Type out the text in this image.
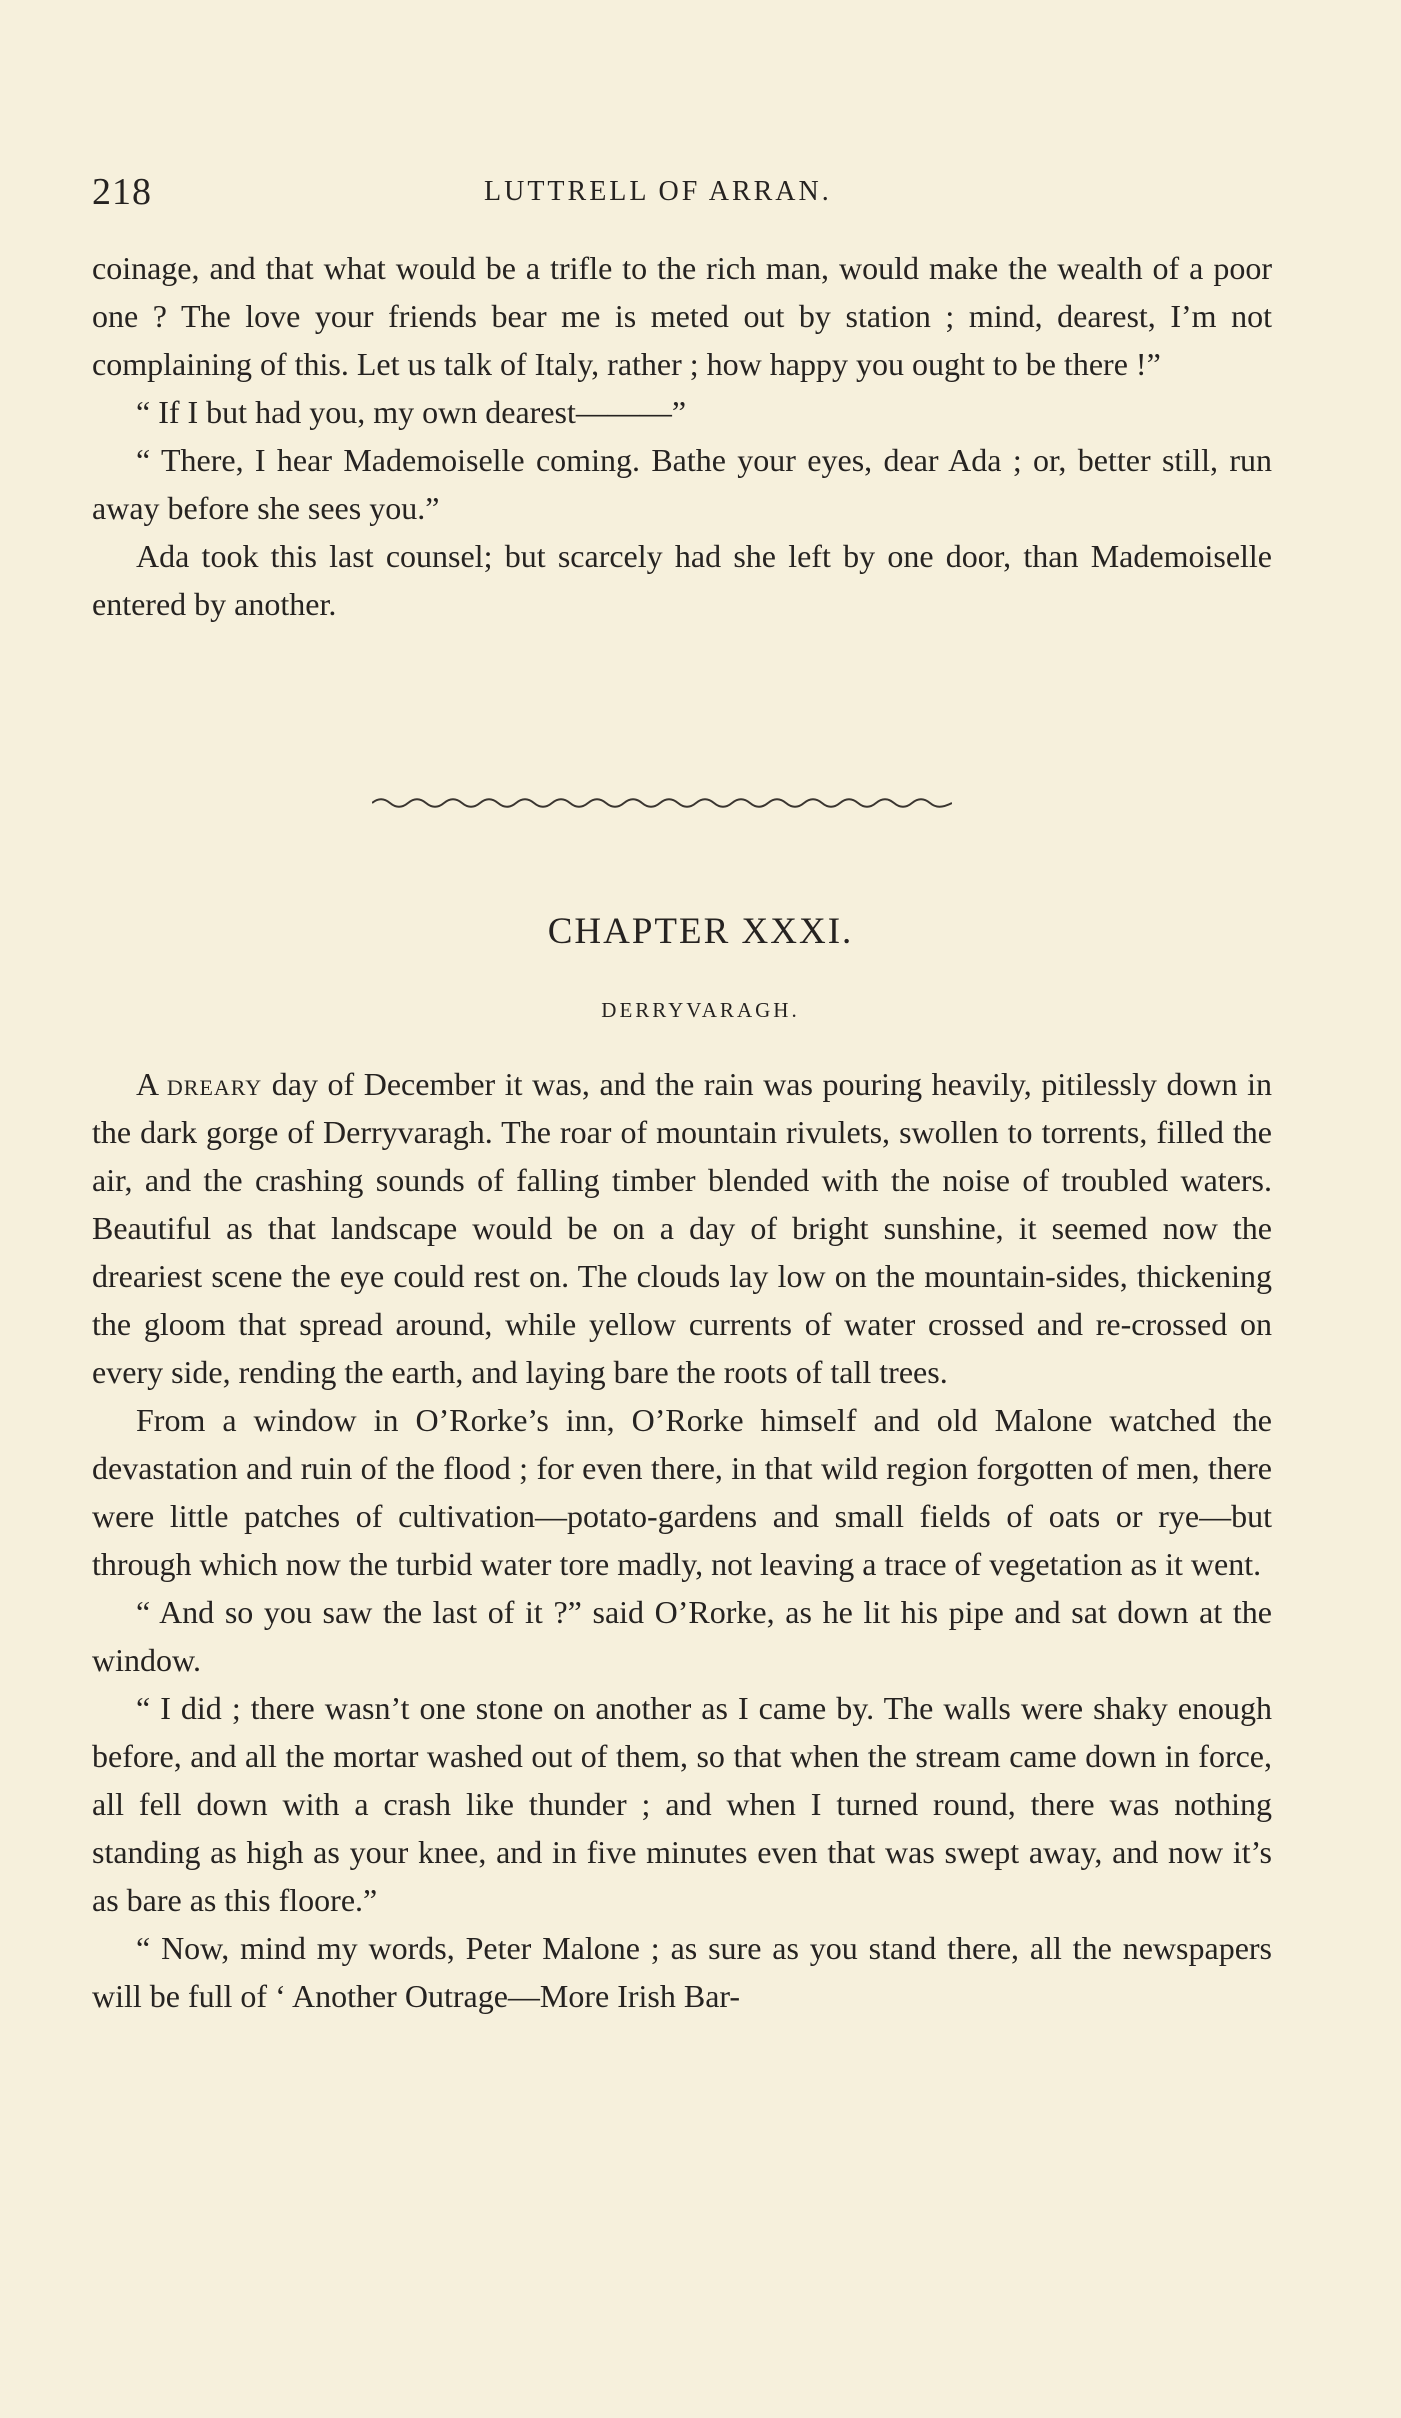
218	LUTTRELL OF ARRAN.

coinage, and that what would be a trifle to the rich man, would make the wealth of a poor one ? The love your friends bear me is meted out by station ; mind, dearest, I’m not complaining of this. Let us talk of Italy, rather ; how happy you ought to be there !”

“ If I but had you, my own dearest———”

“ There, I hear Mademoiselle coming. Bathe your eyes, dear Ada ; or, better still, run away before she sees you.”

Ada took this last counsel; but scarcely had she left by one door, than Mademoiselle entered by another.

CHAPTER XXXI.
DERRYVARAGH.

A dreary day of December it was, and the rain was pouring heavily, pitilessly down in the dark gorge of Derryvaragh. The roar of mountain rivulets, swollen to torrents, filled the air, and the crashing sounds of falling timber blended with the noise of troubled waters. Beautiful as that landscape would be on a day of bright sunshine, it seemed now the dreariest scene the eye could rest on. The clouds lay low on the mountain-sides, thickening the gloom that spread around, while yellow currents of water crossed and re-crossed on every side, rending the earth, and laying bare the roots of tall trees.

From a window in O’Rorke’s inn, O’Rorke himself and old Malone watched the devastation and ruin of the flood ; for even there, in that wild region forgotten of men, there were little patches of cultivation—potato-gardens and small fields of oats or rye—but through which now the turbid water tore madly, not leaving a trace of vegetation as it went.

“ And so you saw the last of it ?” said O’Rorke, as he lit his pipe and sat down at the window.

“ I did ; there wasn’t one stone on another as I came by. The walls were shaky enough before, and all the mortar washed out of them, so that when the stream came down in force, all fell down with a crash like thunder ; and when I turned round, there was nothing standing as high as your knee, and in five minutes even that was swept away, and now it’s as bare as this floore.”

“ Now, mind my words, Peter Malone ; as sure as you stand there, all the newspapers will be full of ‘ Another Outrage—More Irish Bar-
